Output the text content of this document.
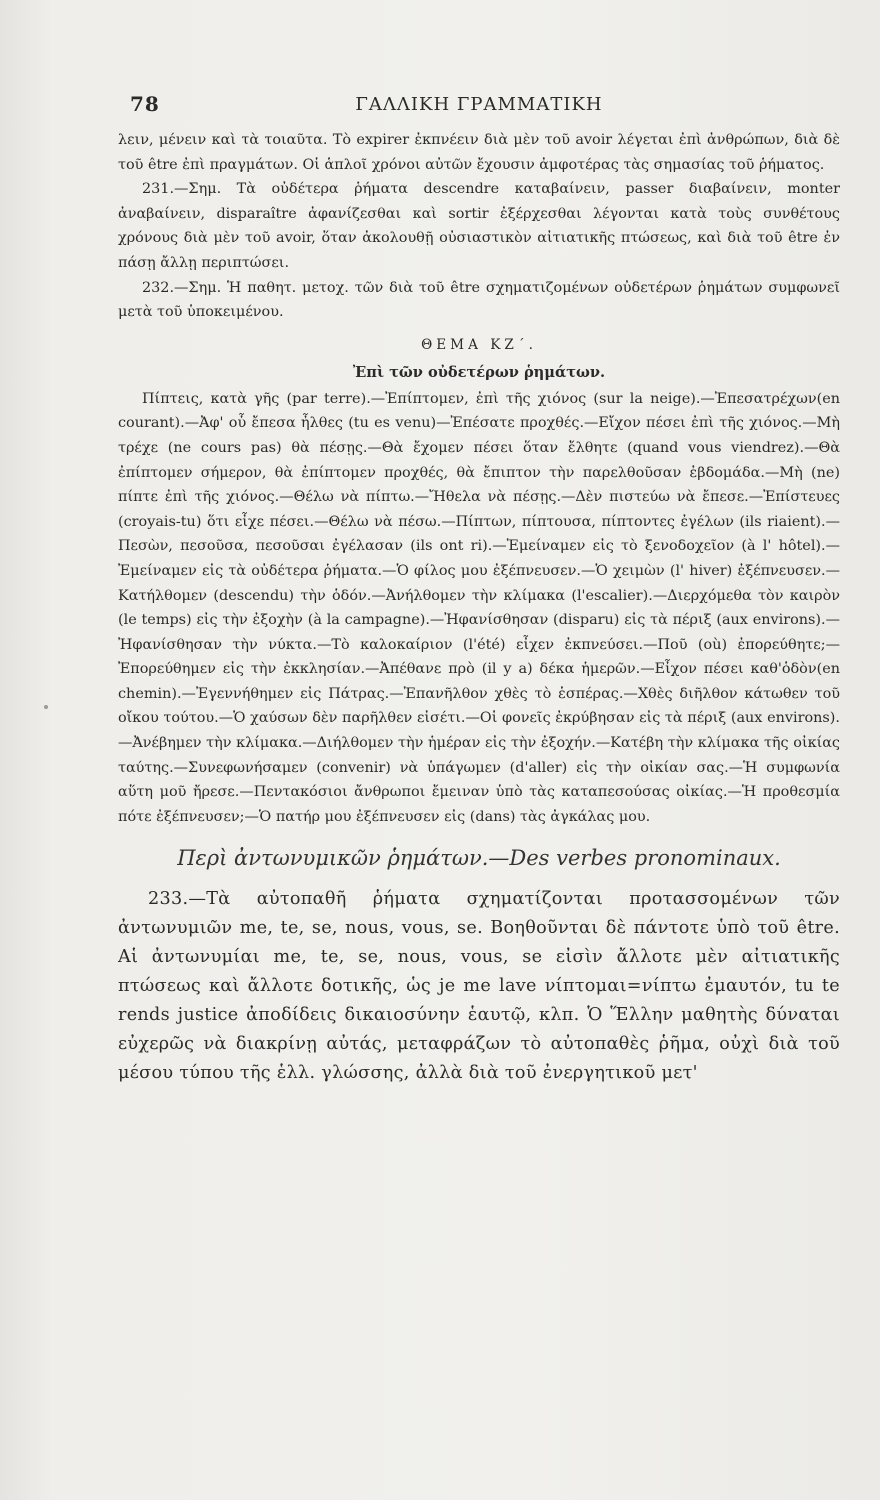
78	ΓΑΛΛΙΚΗ ΓΡΑΜΜΑΤΙΚΗ

λειν, μένειν καὶ τὰ τοιαῦτα. Τὸ expirer ἐκπνέειν διὰ μὲν τοῦ avoir λέγεται ἐπὶ ἀνθρώπων, διὰ δὲ τοῦ être ἐπὶ πραγμάτων. Οἱ ἁπλοῖ χρόνοι αὐτῶν ἔχουσιν ἀμφοτέρας τὰς σημασίας τοῦ ῥήματος.

231.—Σημ. Τὰ οὐδέτερα ῥήματα descendre καταβαίνειν, passer διαβαίνειν, monter ἀναβαίνειν, disparaître ἀφανίζεσθαι καὶ sortir ἐξέρχεσθαι λέγονται κατὰ τοὺς συνθέτους χρόνους διὰ μὲν τοῦ avoir, ὅταν ἀκολουθῇ οὐσιαστικὸν αἰτιατικῆς πτώσεως, καὶ διὰ τοῦ être ἐν πάσῃ ἄλλῃ περιπτώσει.

232.—Σημ. Ἡ παθητ. μετοχ. τῶν διὰ τοῦ être σχηματιζομένων οὐδετέρων ῥημάτων συμφωνεῖ μετὰ τοῦ ὑποκειμένου.

ΘΕΜΑ ΚΖ΄.
Ἐπὶ τῶν οὐδετέρων ῥημάτων.

Πίπτεις, κατὰ γῆς (par terre).—Ἐπίπτομεν, ἐπὶ τῆς χιόνος (sur la neige).—Ἐπεσατρέχων(en courant).—Ἀφ' οὗ ἔπεσα ἦλθες (tu es venu)—Ἐπέσατε προχθές.—Εἴχον πέσει ἐπὶ τῆς χιόνος.—Μὴ τρέχε (ne cours pas) θὰ πέσῃς.—Θὰ ἔχομεν πέσει ὅταν ἔλθητε (quand vous viendrez).—Θὰ ἐπίπτομεν σήμερον, θὰ ἐπίπτομεν προχθές, θὰ ἔπιπτον τὴν παρελθοῦσαν ἑβδομάδα.—Μὴ (ne) πίπτε ἐπὶ τῆς χιόνος.—Θέλω νὰ πίπτω.—Ἤθελα νὰ πέσῃς.—Δὲν πιστεύω νὰ ἔπεσε.—Ἐπίστευες (croyais-tu) ὅτι εἶχε πέσει.—Θέλω νὰ πέσω.—Πίπτων, πίπτουσα, πίπτοντες ἐγέλων (ils riaient).—Πεσὼν, πεσοῦσα, πεσοῦσαι ἐγέλασαν (ils ont ri).—Ἐμείναμεν εἰς τὸ ξενοδοχεῖον (à l' hôtel).—Ἐμείναμεν εἰς τὰ οὐδέτερα ῥήματα.—Ὁ φίλος μου ἐξέπνευσεν.—Ὁ χειμὼν (l' hiver) ἐξέπνευσεν.—Κατήλθομεν (descendu) τὴν ὁδόν.—Ἀνήλθομεν τὴν κλίμακα (l'escalier).—Διερχόμεθα τὸν καιρὸν (le temps) εἰς τὴν ἐξοχὴν (à la campagne).—Ἠφανίσθησαν (disparu) εἰς τὰ πέριξ (aux environs).—Ἠφανίσθησαν τὴν νύκτα.—Τὸ καλοκαίριον (l'été) εἶχεν ἐκπνεύσει.—Ποῦ (où) ἐπορεύθητε;—Ἐπορεύθημεν εἰς τὴν ἐκκλησίαν.—Ἀπέθανε πρὸ (il y a) δέκα ἡμερῶν.—Εἶχον πέσει καθ'ὁδὸν(en chemin).—Ἐγεννήθημεν εἰς Πάτρας.—Ἐπανῆλθον χθὲς τὸ ἑσπέρας.—Χθὲς διῆλθον κάτωθεν τοῦ οἴκου τούτου.—Ὁ χαύσων δὲν παρῆλθεν εἰσέτι.—Οἱ φονεῖς ἐκρύβησαν εἰς τὰ πέριξ (aux environs).—Ἀνέβημεν τὴν κλίμακα.—Διήλθομεν τὴν ἡμέραν εἰς τὴν ἐξοχήν.—Κατέβη τὴν κλίμακα τῆς οἰκίας ταύτης.—Συνεφωνήσαμεν (convenir) νὰ ὑπάγωμεν (d'aller) εἰς τὴν οἰκίαν σας.—Ἡ συμφωνία αὕτη μοῦ ἤρεσε.—Πεντακόσιοι ἄνθρωποι ἔμειναν ὑπὸ τὰς καταπεσούσας οἰκίας.—Ἡ προθεσμία πότε ἐξέπνευσεν;—Ὁ πατήρ μου ἐξέπνευσεν εἰς (dans) τὰς ἀγκάλας μου.

Περὶ ἀντωνυμικῶν ῥημάτων.—Des verbes pronominaux.

233.—Τὰ αὐτοπαθῆ ῥήματα σχηματίζονται προτασσομένων τῶν ἀντωνυμιῶν me, te, se, nous, vous, se. Βοηθοῦνται δὲ πάντοτε ὑπὸ τοῦ être. Αἱ ἀντωνυμίαι me, te, se, nous, vous, se εἰσὶν ἄλλοτε μὲν αἰτιατικῆς πτώσεως καὶ ἄλλοτε δοτικῆς, ὡς je me lave νίπτομαι=νίπτω ἐμαυτόν, tu te rends justice ἀποδίδεις δικαιοσύνην ἑαυτῷ, κλπ. Ὁ Ἕλλην μαθητὴς δύναται εὐχερῶς νὰ διακρίνῃ αὐτάς, μεταφράζων τὸ αὐτοπαθὲς ῥῆμα, οὐχὶ διὰ τοῦ μέσου τύπου τῆς ἑλλ. γλώσσης, ἀλλὰ διὰ τοῦ ἐνεργητικοῦ μετ'
